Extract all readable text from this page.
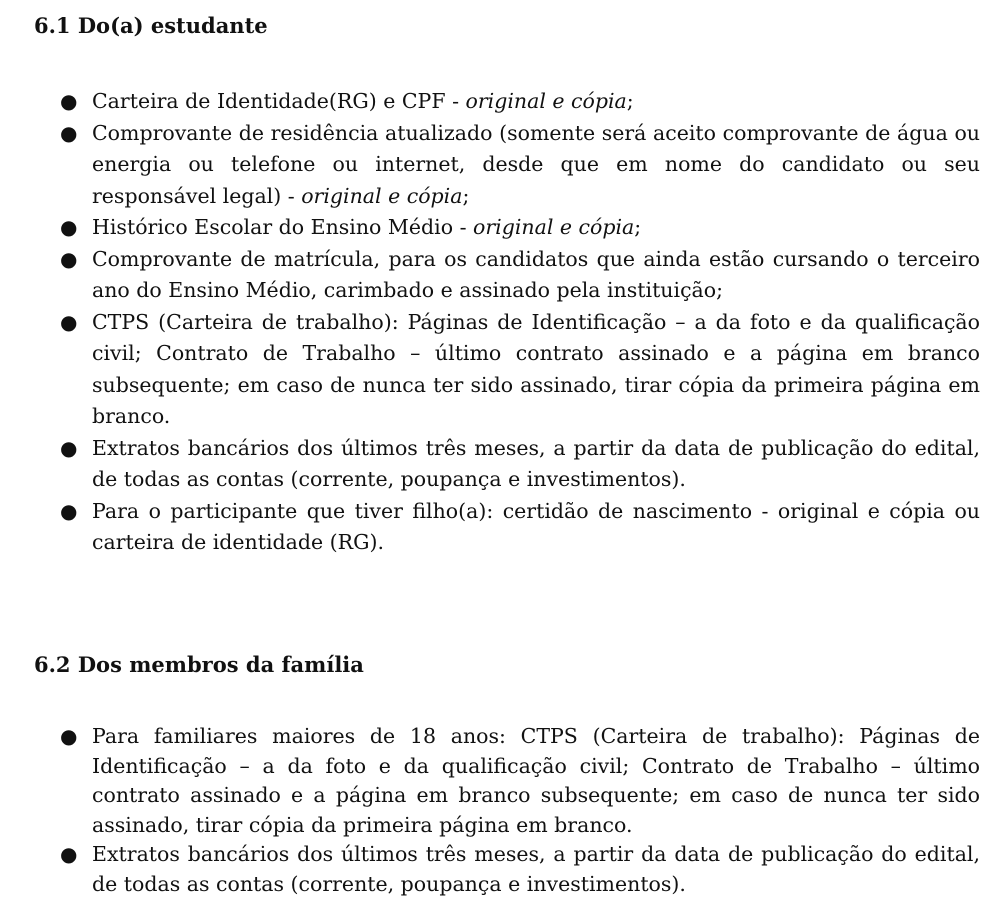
6.1 Do(a) estudante
● Carteira de Identidade(RG) e CPF - original e cópia;
● Comprovante de residência atualizado (somente será aceito comprovante de água ou energia ou telefone ou internet, desde que em nome do candidato ou seu responsável legal) - original e cópia;
● Histórico Escolar do Ensino Médio - original e cópia;
● Comprovante de matrícula, para os candidatos que ainda estão cursando o terceiro ano do Ensino Médio, carimbado e assinado pela instituição;
● CTPS (Carteira de trabalho): Páginas de Identificação – a da foto e da qualificação civil; Contrato de Trabalho – último contrato assinado e a página em branco subsequente; em caso de nunca ter sido assinado, tirar cópia da primeira página em branco.
● Extratos bancários dos últimos três meses, a partir da data de publicação do edital, de todas as contas (corrente, poupança e investimentos).
● Para o participante que tiver filho(a): certidão de nascimento - original e cópia ou carteira de identidade (RG).
6.2 Dos membros da família
● Para familiares maiores de 18 anos: CTPS (Carteira de trabalho): Páginas de Identificação – a da foto e da qualificação civil; Contrato de Trabalho – último contrato assinado e a página em branco subsequente; em caso de nunca ter sido assinado, tirar cópia da primeira página em branco.
● Extratos bancários dos últimos três meses, a partir da data de publicação do edital, de todas as contas (corrente, poupança e investimentos).
